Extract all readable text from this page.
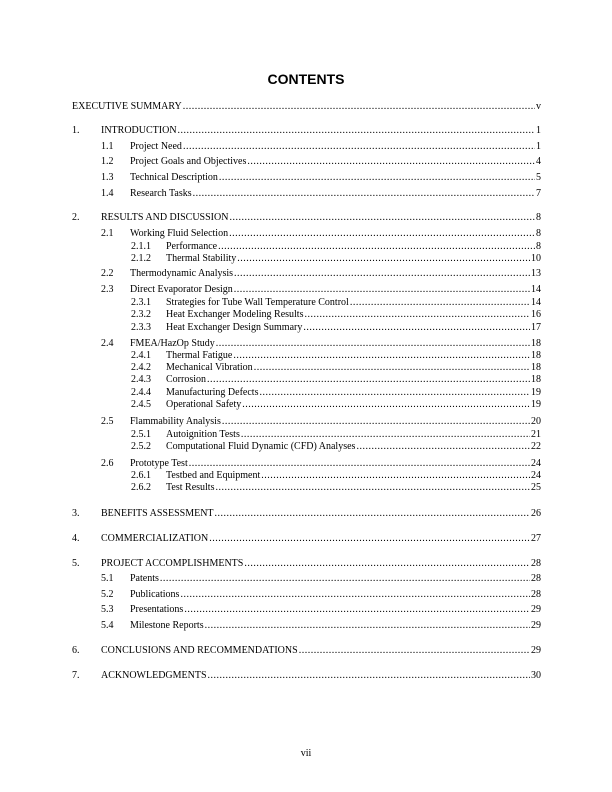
CONTENTS
EXECUTIVE SUMMARY .....	v
1.	INTRODUCTION .....	1
1.1	Project Need .....	1
1.2	Project Goals and Objectives .....	4
1.3	Technical Description .....	5
1.4	Research Tasks .....	7
2.	RESULTS AND DISCUSSION .....	8
2.1	Working Fluid Selection .....	8
2.1.1	Performance .....	8
2.1.2	Thermal Stability .....	10
2.2	Thermodynamic Analysis .....	13
2.3	Direct Evaporator Design .....	14
2.3.1	Strategies for Tube Wall Temperature Control .....	14
2.3.2	Heat Exchanger Modeling Results .....	16
2.3.3	Heat Exchanger Design Summary .....	17
2.4	FMEA/HazOp Study .....	18
2.4.1	Thermal Fatigue .....	18
2.4.2	Mechanical Vibration .....	18
2.4.3	Corrosion .....	18
2.4.4	Manufacturing Defects .....	19
2.4.5	Operational Safety .....	19
2.5	Flammability Analysis .....	20
2.5.1	Autoignition Tests .....	21
2.5.2	Computational Fluid Dynamic (CFD) Analyses .....	22
2.6	Prototype Test .....	24
2.6.1	Testbed and Equipment .....	24
2.6.2	Test Results .....	25
3.	BENEFITS ASSESSMENT .....	26
4.	COMMERCIALIZATION .....	27
5.	PROJECT ACCOMPLISHMENTS .....	28
5.1	Patents .....	28
5.2	Publications .....	28
5.3	Presentations .....	29
5.4	Milestone Reports .....	29
6.	CONCLUSIONS AND RECOMMENDATIONS .....	29
7.	ACKNOWLEDGMENTS .....	30
vii
